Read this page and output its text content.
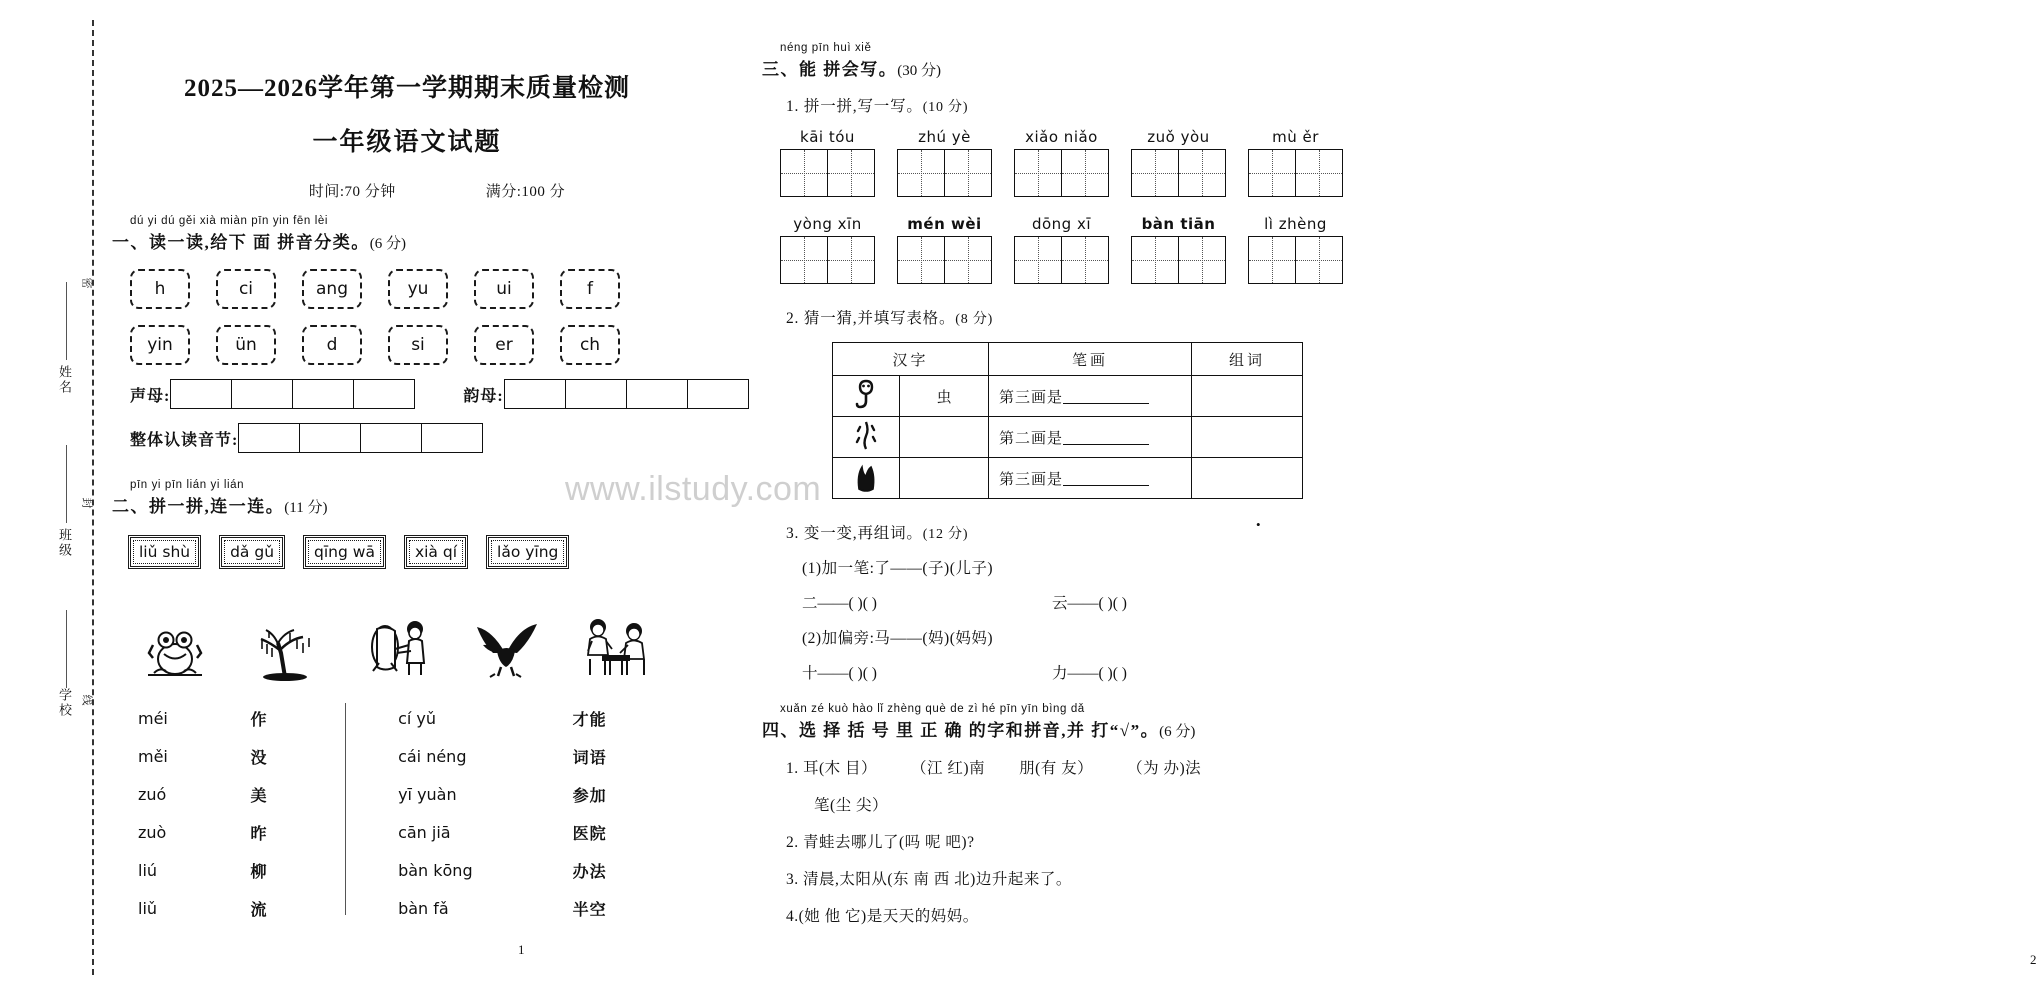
www.ilstudy.com
密
封
线
姓名
班级
学校
2025—2026学年第一学期期末质量检测
一年级语文试题
时间:70 分钟	满分:100 分
dú yi dú gěi xià miàn pīn yin fēn lèi
一、读一读,给下 面 拼音分类。(6 分)
h	ci	ang	yu	ui	f
yin	ün	d	si	er	ch
声母:	韵母:
整体认读音节:
pīn yi pīn lián yi lián
二、拼一拼,连一连。(11 分)
liǔ shù	dǎ gǔ	qīng wā	xià qí	lǎo yīng
méi
měi
zuó
zuò
liú
liǔ
作
没
美
昨
柳
流
cí yǔ
cái néng
yī yuàn
cān jiā
bàn kōng
bàn fǎ
才能
词语
参加
医院
办法
半空
1
néng pīn huì xiě
三、能 拼会写。(30 分)
1. 拼一拼,写一写。(10 分)
kāi tóu	zhú yè	xiǎo niǎo	zuǒ yòu	mù ěr
yòng xīn	mén wèi	dōng xī	bàn tiān	lì zhèng
2. 猜一猜,并填写表格。(8 分)
汉字		笔画	组词
	虫	第三画是	
		第二画是	
		第三画是	
3. 变一变,再组词。(12 分)
•
(1)加一笔:了——(子)(儿子)
二——( )( )	云——( )( )
(2)加偏旁:马——(妈)(妈妈)
十——( )( )	力——( )( )
xuǎn zé kuò hào lǐ zhèng què de zì hé pīn yīn bìng dǎ
四、选 择 括 号 里 正 确 的字和拼音,并 打“√”。(6 分)
1. 耳(木 目） （江 红)南 朋(有 友） （为 办)法
笔(尘 尖）
2. 青蛙去哪儿了(吗 呢 吧)?
3. 清晨,太阳从(东 南 西 北)边升起来了。
4.(她 他 它)是天天的妈妈。
2
